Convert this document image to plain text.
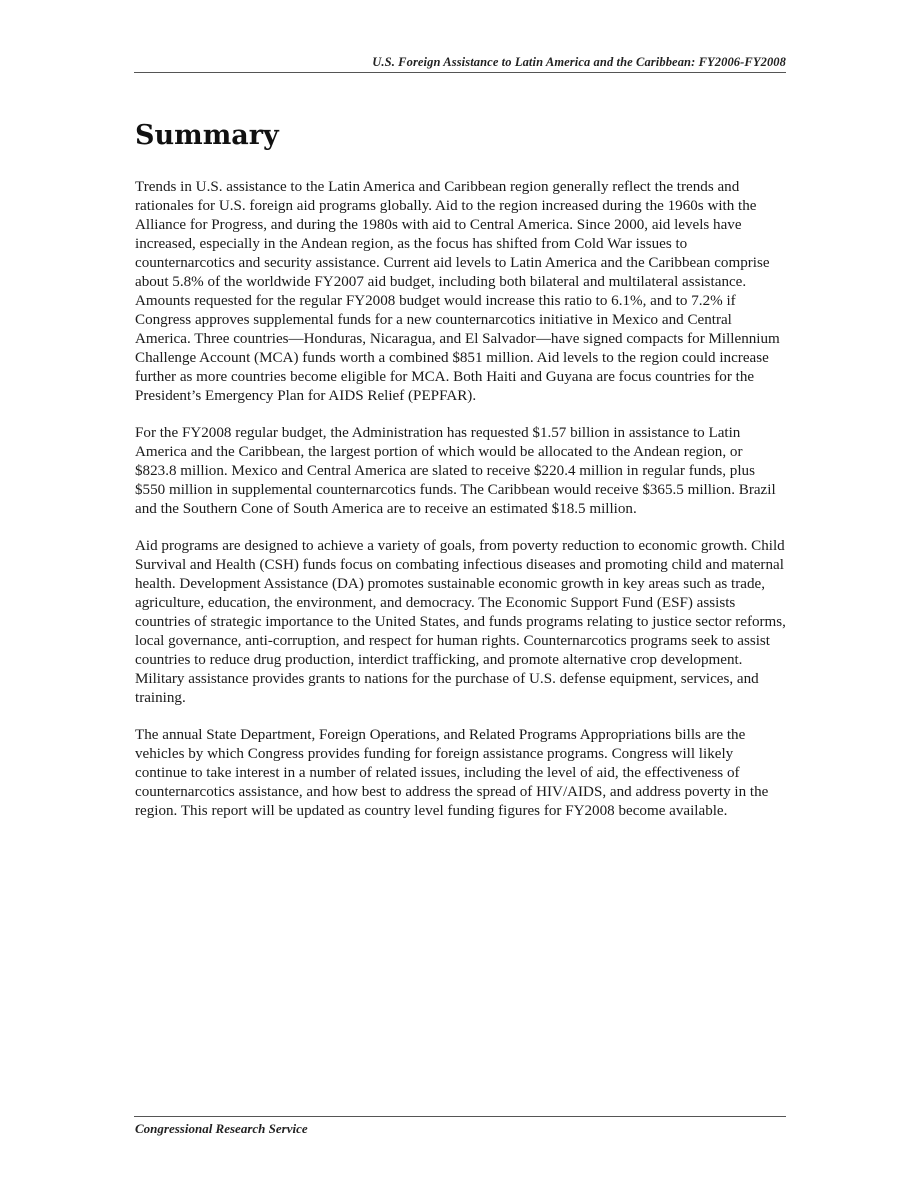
U.S. Foreign Assistance to Latin America and the Caribbean: FY2006-FY2008
Summary

Trends in U.S. assistance to the Latin America and Caribbean region generally reflect the trends and rationales for U.S. foreign aid programs globally. Aid to the region increased during the 1960s with the Alliance for Progress, and during the 1980s with aid to Central America. Since 2000, aid levels have increased, especially in the Andean region, as the focus has shifted from Cold War issues to counternarcotics and security assistance. Current aid levels to Latin America and the Caribbean comprise about 5.8% of the worldwide FY2007 aid budget, including both bilateral and multilateral assistance. Amounts requested for the regular FY2008 budget would increase this ratio to 6.1%, and to 7.2% if Congress approves supplemental funds for a new counternarcotics initiative in Mexico and Central America. Three countries—Honduras, Nicaragua, and El Salvador—have signed compacts for Millennium Challenge Account (MCA) funds worth a combined $851 million. Aid levels to the region could increase further as more countries become eligible for MCA. Both Haiti and Guyana are focus countries for the President’s Emergency Plan for AIDS Relief (PEPFAR).

For the FY2008 regular budget, the Administration has requested $1.57 billion in assistance to Latin America and the Caribbean, the largest portion of which would be allocated to the Andean region, or $823.8 million. Mexico and Central America are slated to receive $220.4 million in regular funds, plus $550 million in supplemental counternarcotics funds. The Caribbean would receive $365.5 million. Brazil and the Southern Cone of South America are to receive an estimated $18.5 million.

Aid programs are designed to achieve a variety of goals, from poverty reduction to economic growth. Child Survival and Health (CSH) funds focus on combating infectious diseases and promoting child and maternal health. Development Assistance (DA) promotes sustainable economic growth in key areas such as trade, agriculture, education, the environment, and democracy. The Economic Support Fund (ESF) assists countries of strategic importance to the United States, and funds programs relating to justice sector reforms, local governance, anti-corruption, and respect for human rights. Counternarcotics programs seek to assist countries to reduce drug production, interdict trafficking, and promote alternative crop development. Military assistance provides grants to nations for the purchase of U.S. defense equipment, services, and training.

The annual State Department, Foreign Operations, and Related Programs Appropriations bills are the vehicles by which Congress provides funding for foreign assistance programs. Congress will likely continue to take interest in a number of related issues, including the level of aid, the effectiveness of counternarcotics assistance, and how best to address the spread of HIV/AIDS, and address poverty in the region. This report will be updated as country level funding figures for FY2008 become available.

Congressional Research Service
